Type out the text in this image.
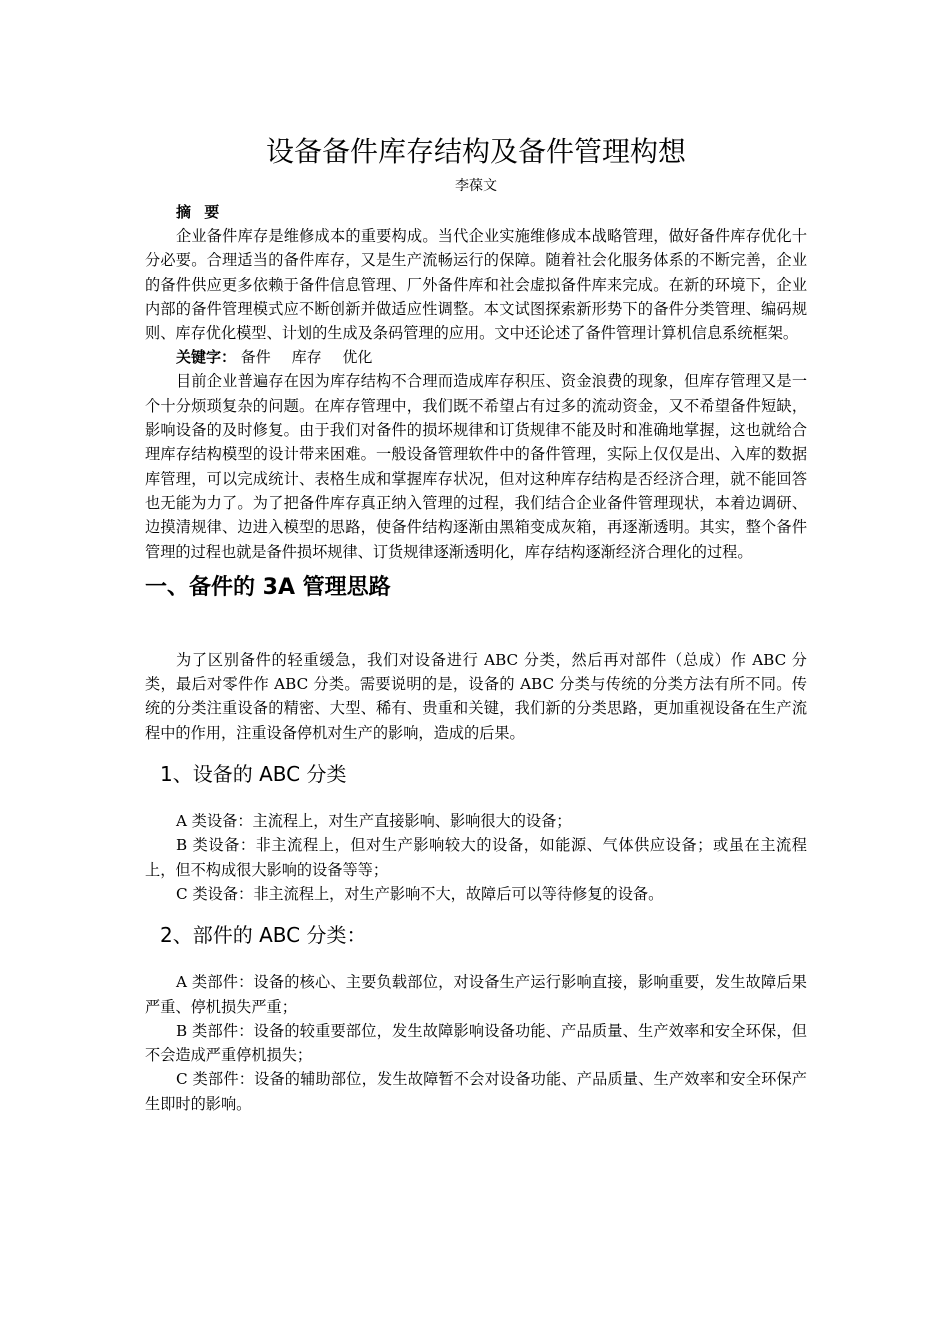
设备备件库存结构及备件管理构想
李葆文
摘 要

企业备件库存是维修成本的重要构成。当代企业实施维修成本战略管理，做好备件库存优化十分必要。合理适当的备件库存，又是生产流畅运行的保障。随着社会化服务体系的不断完善，企业的备件供应更多依赖于备件信息管理、厂外备件库和社会虚拟备件库来完成。在新的环境下，企业内部的备件管理模式应不断创新并做适应性调整。本文试图探索新形势下的备件分类管理、编码规则、库存优化模型、计划的生成及条码管理的应用。文中还论述了备件管理计算机信息系统框架。

关键字： 备件 库存 优化

目前企业普遍存在因为库存结构不合理而造成库存积压、资金浪费的现象，但库存管理又是一个十分烦琐复杂的问题。在库存管理中，我们既不希望占有过多的流动资金，又不希望备件短缺，影响设备的及时修复。由于我们对备件的损坏规律和订货规律不能及时和准确地掌握，这也就给合理库存结构模型的设计带来困难。一般设备管理软件中的备件管理，实际上仅仅是出、入库的数据库管理，可以完成统计、表格生成和掌握库存状况，但对这种库存结构是否经济合理，就不能回答也无能为力了。为了把备件库存真正纳入管理的过程，我们结合企业备件管理现状，本着边调研、边摸清规律、边进入模型的思路，使备件结构逐渐由黑箱变成灰箱，再逐渐透明。其实，整个备件管理的过程也就是备件损坏规律、订货规律逐渐透明化，库存结构逐渐经济合理化的过程。

一、备件的 3A 管理思路

为了区别备件的轻重缓急，我们对设备进行 ABC 分类，然后再对部件（总成）作 ABC 分类，最后对零件作 ABC 分类。需要说明的是，设备的 ABC 分类与传统的分类方法有所不同。传统的分类注重设备的精密、大型、稀有、贵重和关键，我们新的分类思路，更加重视设备在生产流程中的作用，注重设备停机对生产的影响，造成的后果。

1、设备的 ABC 分类

A 类设备：主流程上，对生产直接影响、影响很大的设备；

B 类设备：非主流程上，但对生产影响较大的设备，如能源、气体供应设备；或虽在主流程上，但不构成很大影响的设备等等；

C 类设备：非主流程上，对生产影响不大，故障后可以等待修复的设备。

2、部件的 ABC 分类：

A 类部件：设备的核心、主要负载部位，对设备生产运行影响直接，影响重要，发生故障后果严重、停机损失严重；

B 类部件：设备的较重要部位，发生故障影响设备功能、产品质量、生产效率和安全环保，但不会造成严重停机损失；

C 类部件：设备的辅助部位，发生故障暂不会对设备功能、产品质量、生产效率和安全环保产生即时的影响。
